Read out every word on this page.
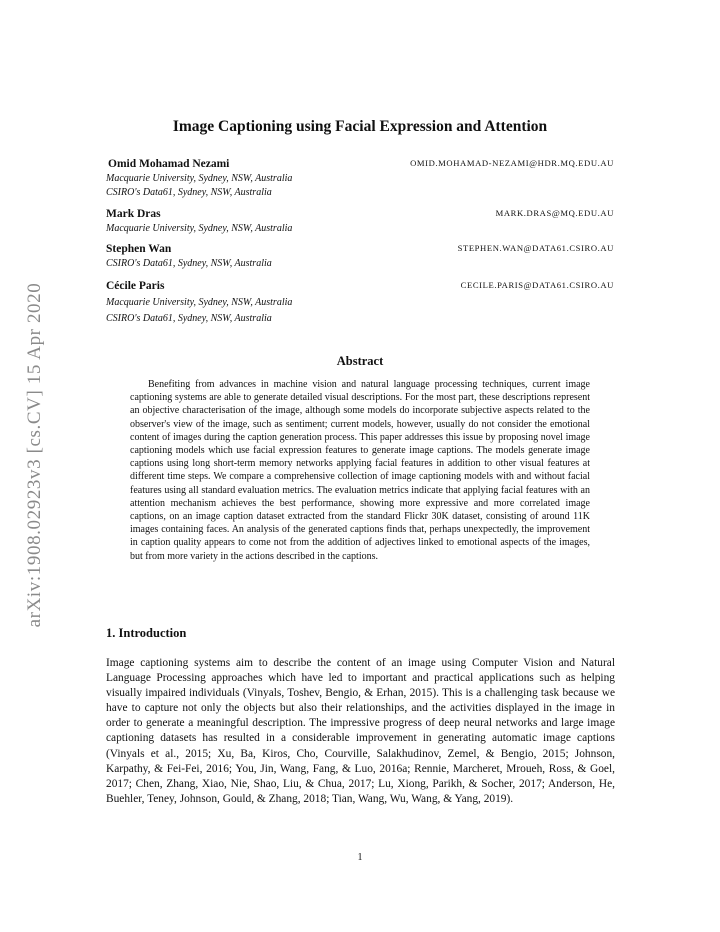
arXiv:1908.02923v3 [cs.CV] 15 Apr 2020
Image Captioning using Facial Expression and Attention
Omid Mohamad Nezami	OMID.MOHAMAD-NEZAMI@HDR.MQ.EDU.AU
Macquarie University, Sydney, NSW, Australia
CSIRO's Data61, Sydney, NSW, Australia
Mark Dras	MARK.DRAS@MQ.EDU.AU
Macquarie University, Sydney, NSW, Australia
Stephen Wan	STEPHEN.WAN@DATA61.CSIRO.AU
CSIRO's Data61, Sydney, NSW, Australia
Cécile Paris	CECILE.PARIS@DATA61.CSIRO.AU
Macquarie University, Sydney, NSW, Australia
CSIRO's Data61, Sydney, NSW, Australia
Abstract
Benefiting from advances in machine vision and natural language processing techniques, current image captioning systems are able to generate detailed visual descriptions. For the most part, these descriptions represent an objective characterisation of the image, although some models do incorporate subjective aspects related to the observer's view of the image, such as sentiment; current models, however, usually do not consider the emotional content of images during the caption generation process. This paper addresses this issue by proposing novel image captioning models which use facial expression features to generate image captions. The models generate image captions using long short-term memory networks applying facial features in addition to other visual features at different time steps. We compare a comprehensive collection of image captioning models with and without facial features using all standard evaluation metrics. The evaluation metrics indicate that applying facial features with an attention mechanism achieves the best performance, showing more expressive and more correlated image captions, on an image caption dataset extracted from the standard Flickr 30K dataset, consisting of around 11K images containing faces. An analysis of the generated captions finds that, perhaps unexpectedly, the improvement in caption quality appears to come not from the addition of adjectives linked to emotional aspects of the images, but from more variety in the actions described in the captions.
1. Introduction
Image captioning systems aim to describe the content of an image using Computer Vision and Natural Language Processing approaches which have led to important and practical applications such as helping visually impaired individuals (Vinyals, Toshev, Bengio, & Erhan, 2015). This is a challenging task because we have to capture not only the objects but also their relationships, and the activities displayed in the image in order to generate a meaningful description. The impressive progress of deep neural networks and large image captioning datasets has resulted in a considerable improvement in generating automatic image captions (Vinyals et al., 2015; Xu, Ba, Kiros, Cho, Courville, Salakhudinov, Zemel, & Bengio, 2015; Johnson, Karpathy, & Fei-Fei, 2016; You, Jin, Wang, Fang, & Luo, 2016a; Rennie, Marcheret, Mroueh, Ross, & Goel, 2017; Chen, Zhang, Xiao, Nie, Shao, Liu, & Chua, 2017; Lu, Xiong, Parikh, & Socher, 2017; Anderson, He, Buehler, Teney, Johnson, Gould, & Zhang, 2018; Tian, Wang, Wu, Wang, & Yang, 2019).
1
